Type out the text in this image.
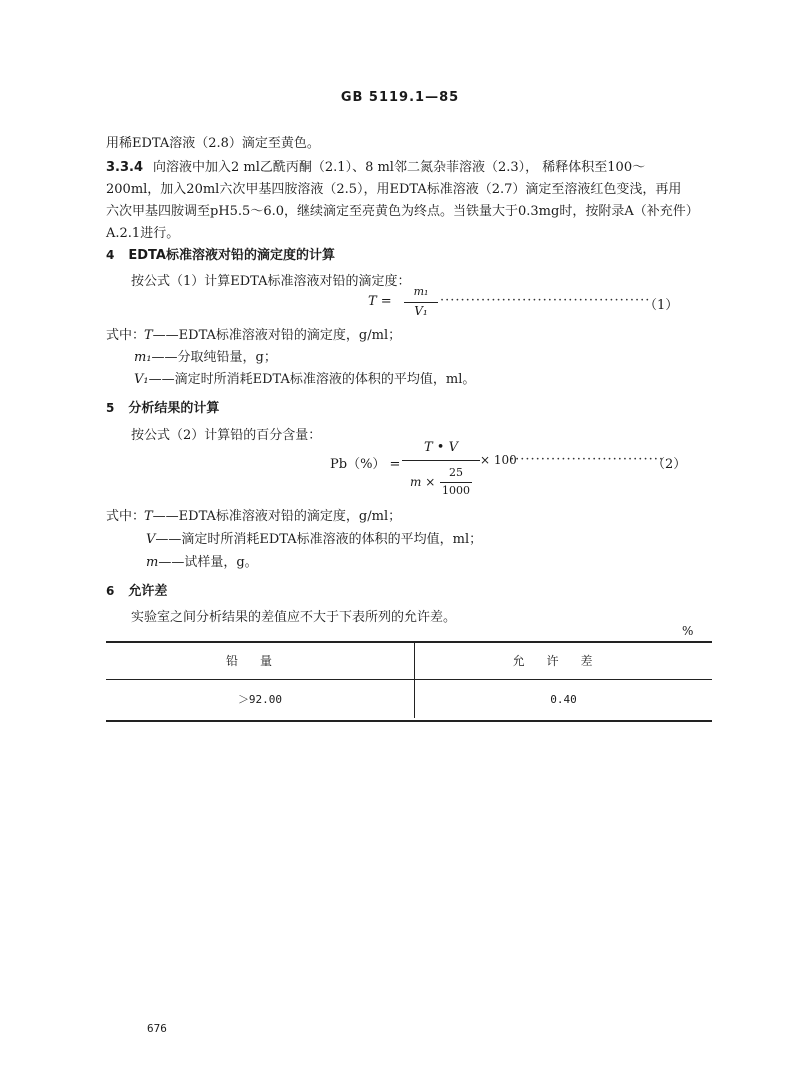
GB 5119.1—85
用稀EDTA溶液（2.8）滴定至黄色。
3.3.4 向溶液中加入2 ml乙酰丙酮（2.1）、8 ml邻二氮杂菲溶液（2.3）， 稀释体积至100～
200ml，加入20ml六次甲基四胺溶液（2.5），用EDTA标准溶液（2.7）滴定至溶液红色变浅，再用
六次甲基四胺调至pH5.5～6.0，继续滴定至亮黄色为终点。当铁量大于0.3mg时，按附录A（补充件）
A.2.1进行。
4 EDTA标准溶液对铅的滴定度的计算
按公式（1）计算EDTA标准溶液对铅的滴定度：
T =
m₁
V₁
·········································
（1）
式中：
T——EDTA标准溶液对铅的滴定度，g/ml；
m₁——分取纯铅量，g；
V₁——滴定时所消耗EDTA标准溶液的体积的平均值，ml。
5 分析结果的计算
按公式（2）计算铅的百分含量：
Pb（%） =
T • V
m ×
25
1000
× 100
······························
（2）
式中：
T——EDTA标准溶液对铅的滴定度，g/ml；
V——滴定时所消耗EDTA标准溶液的体积的平均值，ml；
m——试样量，g。
6 允许差
实验室之间分析结果的差值应不大于下表所列的允许差。
%
铅量	允许差
＞92.00	0.40
676
